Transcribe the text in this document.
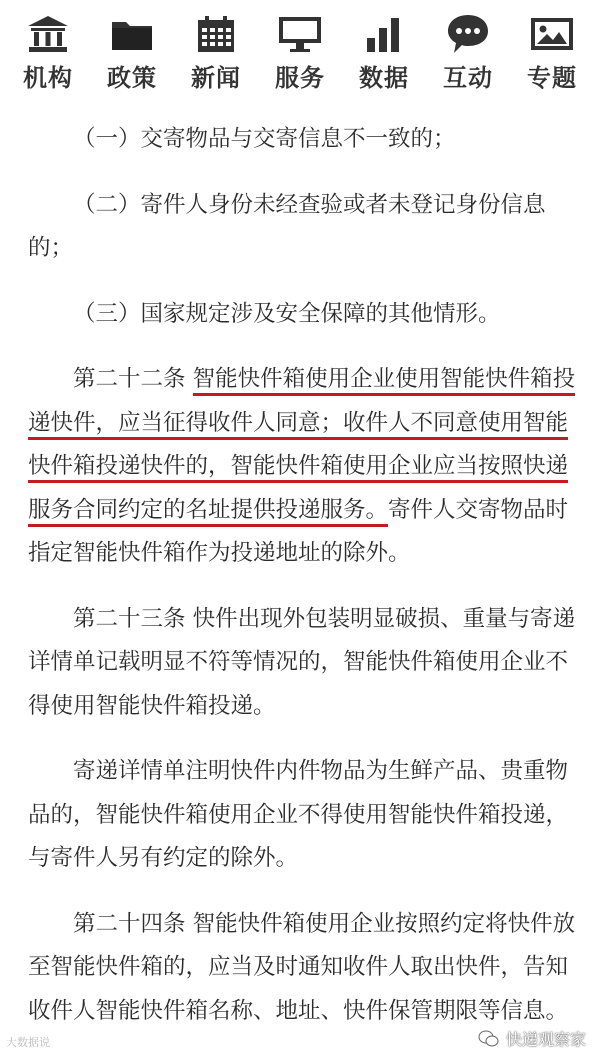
机构 政策 新闻 服务 数据 互动 专题

（一）交寄物品与交寄信息不一致的；

（二）寄件人身份未经查验或者未登记身份信息的；

（三）国家规定涉及安全保障的其他情形。

第二十二条 智能快件箱使用企业使用智能快件箱投递快件，应当征得收件人同意；收件人不同意使用智能快件箱投递快件的，智能快件箱使用企业应当按照快递服务合同约定的名址提供投递服务。寄件人交寄物品时指定智能快件箱作为投递地址的除外。

第二十三条 快件出现外包装明显破损、重量与寄递详情单记载明显不符等情况的，智能快件箱使用企业不得使用智能快件箱投递。

寄递详情单注明快件内件物品为生鲜产品、贵重物品的，智能快件箱使用企业不得使用智能快件箱投递，与寄件人另有约定的除外。

第二十四条 智能快件箱使用企业按照约定将快件放至智能快件箱的，应当及时通知收件人取出快件，告知收件人智能快件箱名称、地址、快件保管期限等信息。

大数据说	快递观察家
